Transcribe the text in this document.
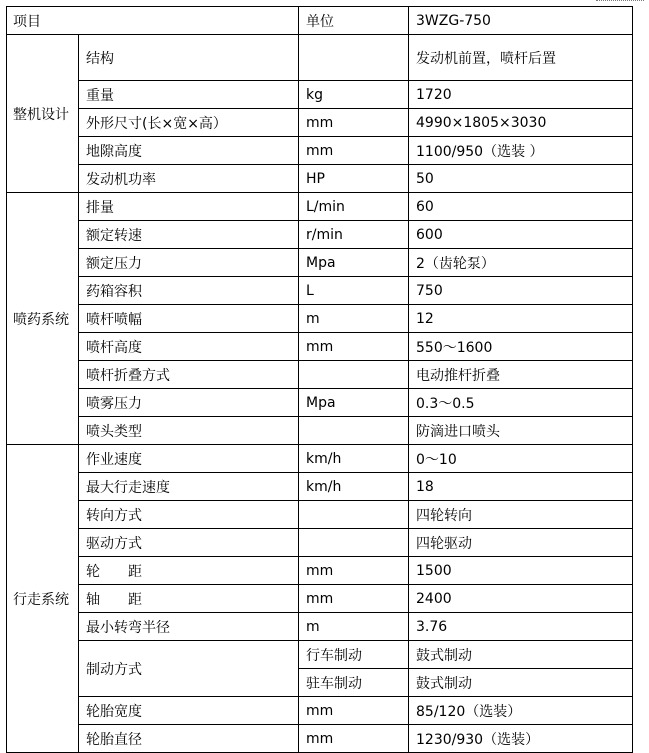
项目		单位	3WZG-750
整机设计	结构		发动机前置，喷杆后置
	重量	kg	1720
	外形尺寸(长×宽×高）	mm	4990×1805×3030
	地隙高度	mm	1100/950（选装 ）
	发动机功率	HP	50
喷药系统	排量	L/min	60
	额定转速	r/min	600
	额定压力	Mpa	2（齿轮泵）
	药箱容积	L	750
	喷杆喷幅	m	12
	喷杆高度	mm	550～1600
	喷杆折叠方式		电动推杆折叠
	喷雾压力	Mpa	0.3～0.5
	喷头类型		防滴进口喷头
行走系统	作业速度	km/h	0～10
	最大行走速度	km/h	18
	转向方式		四轮转向
	驱动方式		四轮驱动
	轮　　距	mm	1500
	轴　　距	mm	2400
	最小转弯半径	m	3.76
	制动方式	行车制动	鼓式制动
		驻车制动	鼓式制动
	轮胎宽度	mm	85/120（选装）
	轮胎直径	mm	1230/930（选装）
